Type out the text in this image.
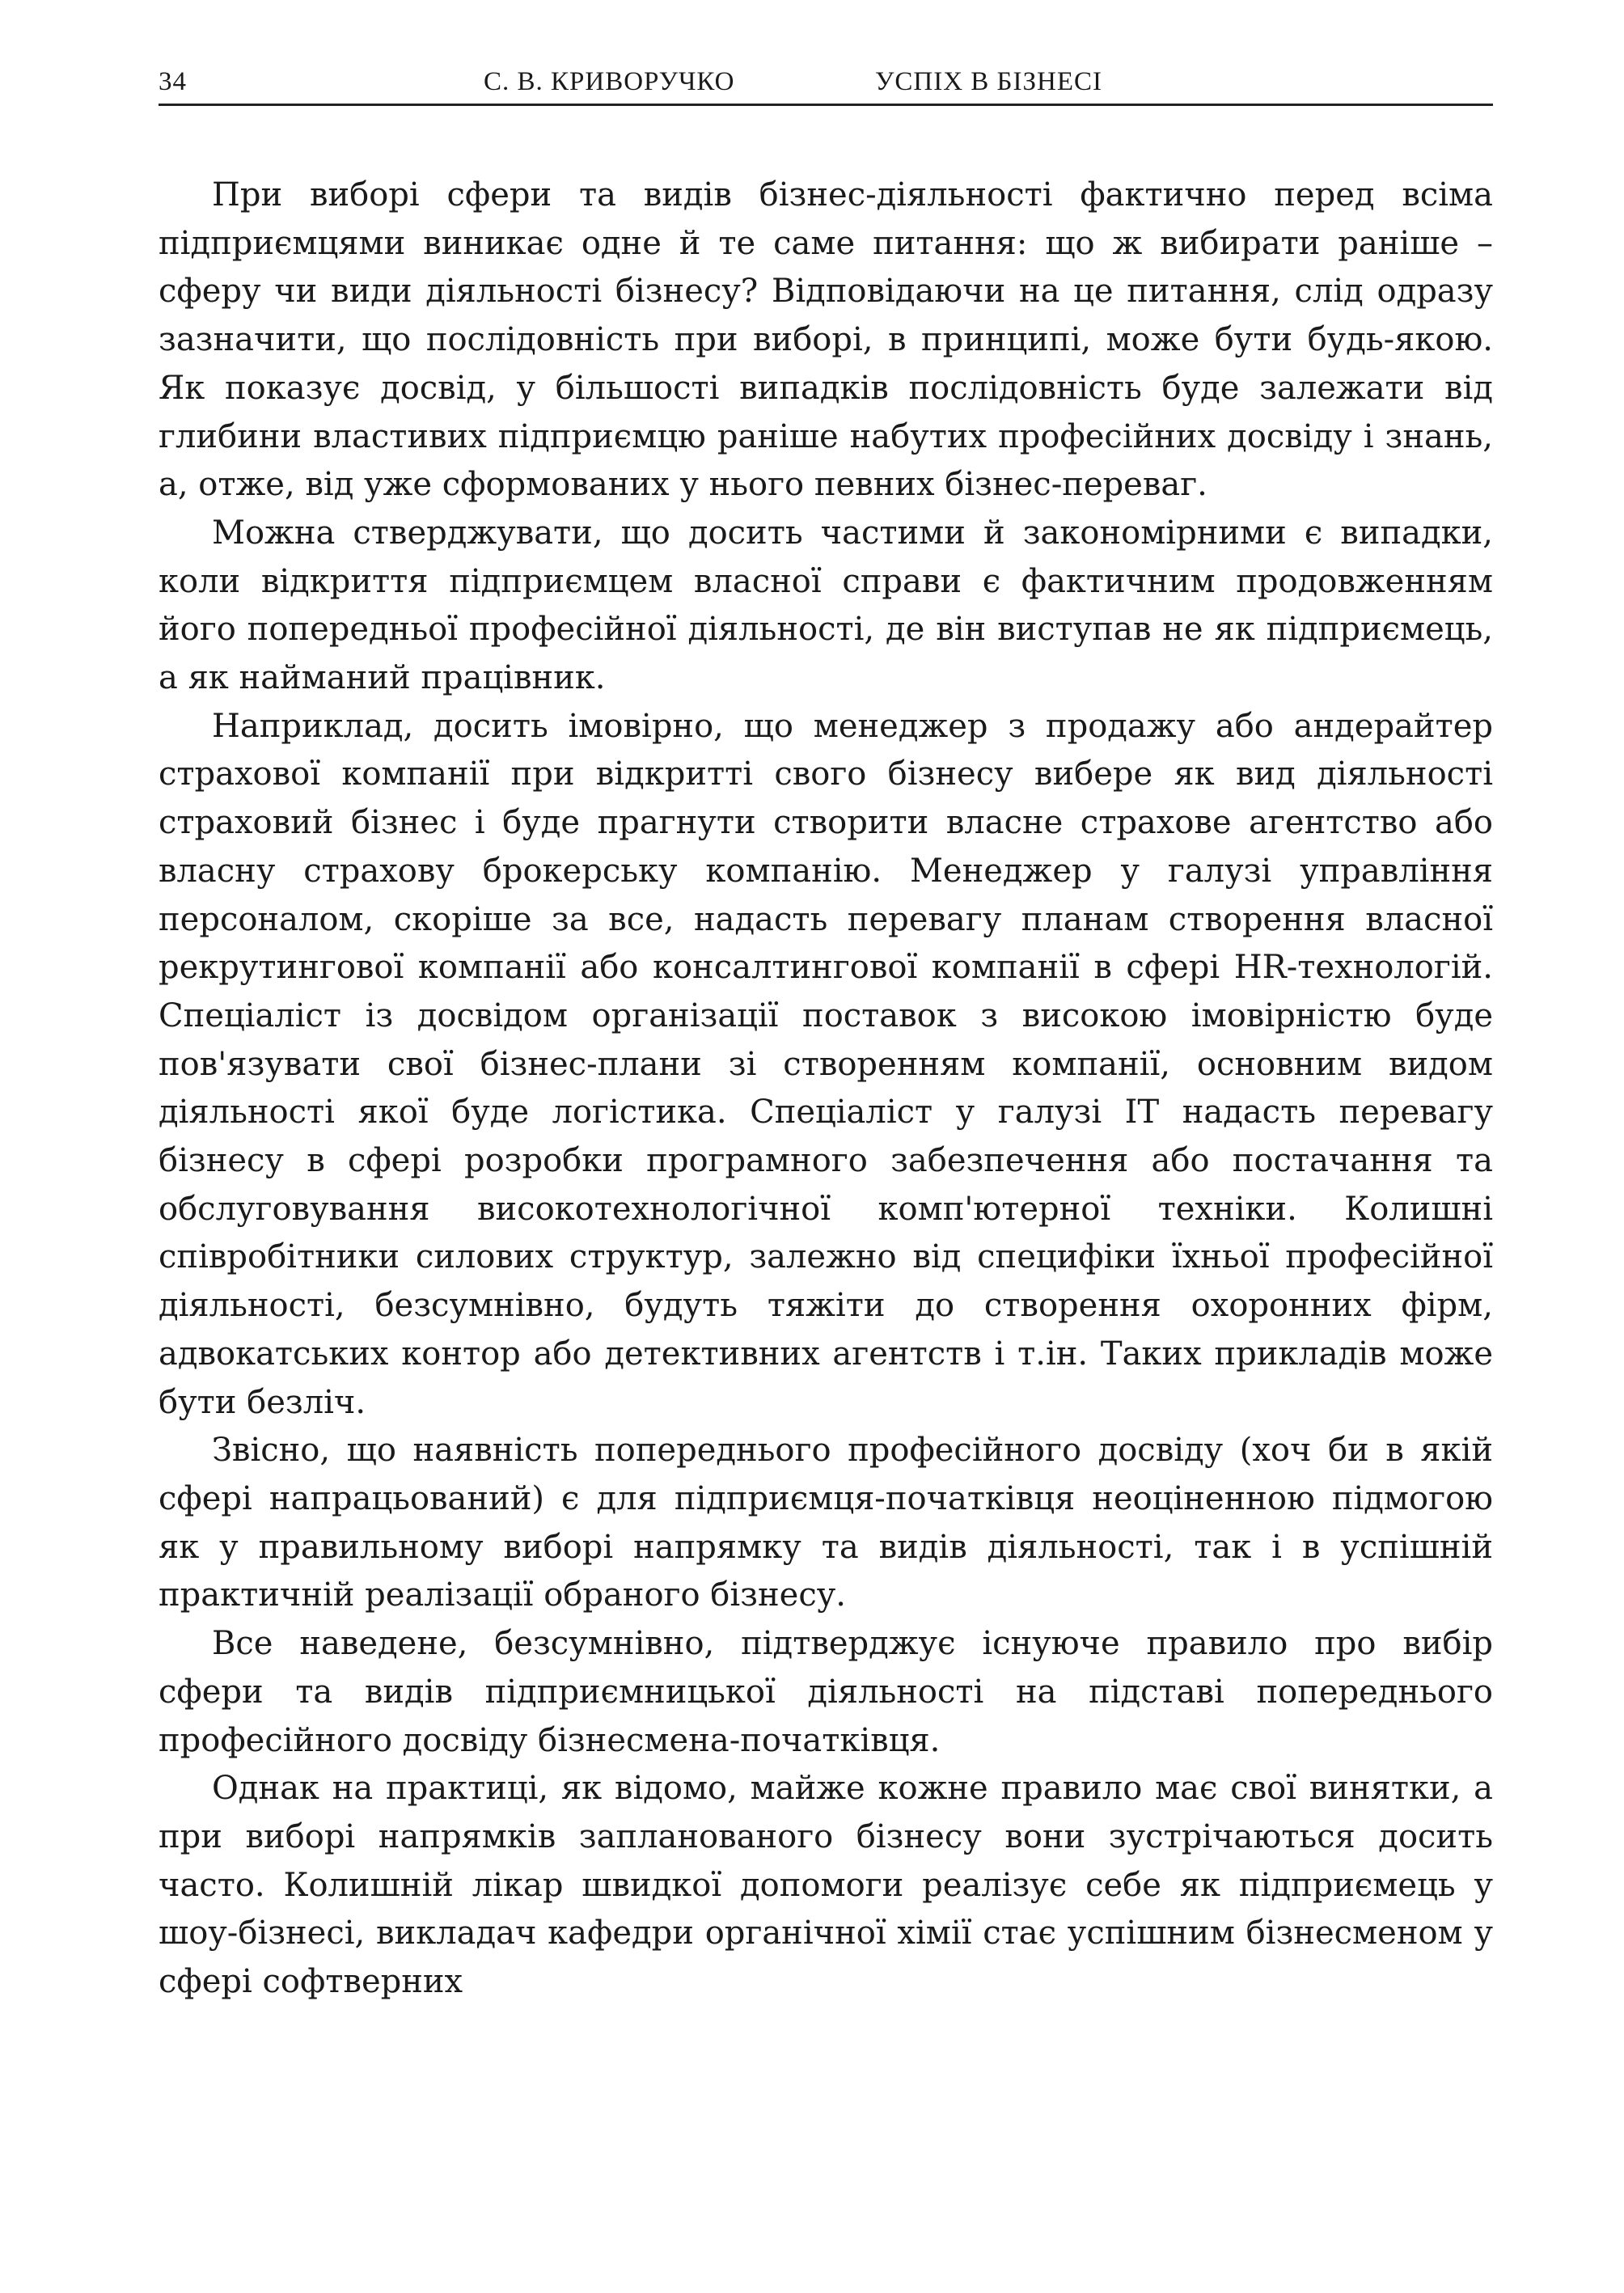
34	С. В. КРИВОРУЧКО	УСПІХ В БІЗНЕСІ

При виборі сфери та видів бізнес-діяльності фактично перед всіма підприємцями виникає одне й те саме питання: що ж вибирати раніше – сферу чи види діяльності бізнесу? Відповідаючи на це питання, слід одразу зазначити, що послідовність при виборі, в принципі, може бути будь-якою. Як показує досвід, у більшості випадків послідовність буде залежати від глибини властивих підприємцю раніше набутих професійних досвіду і знань, а, отже, від уже сформованих у нього певних бізнес-переваг.

Можна стверджувати, що досить частими й закономірними є випадки, коли відкриття підприємцем власної справи є фактичним продовженням його попередньої професійної діяльності, де він виступав не як підприємець, а як найманий працівник.

Наприклад, досить імовірно, що менеджер з продажу або андерайтер страхової компанії при відкритті свого бізнесу вибере як вид діяльності страховий бізнес і буде прагнути створити власне страхове агентство або власну страхову брокерську компанію. Менеджер у галузі управління персоналом, скоріше за все, надасть перевагу планам створення власної рекрутингової компанії або консалтингової компанії в сфері HR-технологій. Спеціаліст із досвідом організації поставок з високою імовірністю буде пов'язувати свої бізнес-плани зі створенням компанії, основним видом діяльності якої буде логістика. Спеціаліст у галузі ІТ надасть перевагу бізнесу в сфері розробки програмного забезпечення або постачання та обслуговування високотехнологічної комп'ютерної техніки. Колишні співробітники силових структур, залежно від специфіки їхньої професійної діяльності, безсумнівно, будуть тяжіти до створення охоронних фірм, адвокатських контор або детективних агентств і т.ін. Таких прикладів може бути безліч.

Звісно, що наявність попереднього професійного досвіду (хоч би в якій сфері напрацьований) є для підприємця-початківця неоціненною підмогою як у правильному виборі напрямку та видів діяльності, так і в успішній практичній реалізації обраного бізнесу.

Все наведене, безсумнівно, підтверджує існуюче правило про вибір сфери та видів підприємницької діяльності на підставі попереднього професійного досвіду бізнесмена-початківця.

Однак на практиці, як відомо, майже кожне правило має свої винятки, а при виборі напрямків запланованого бізнесу вони зустрічаються досить часто. Колишній лікар швидкої допомоги реалізує себе як підприємець у шоу-бізнесі, викладач кафедри органічної хімії стає успішним бізнесменом у сфері софтверних
